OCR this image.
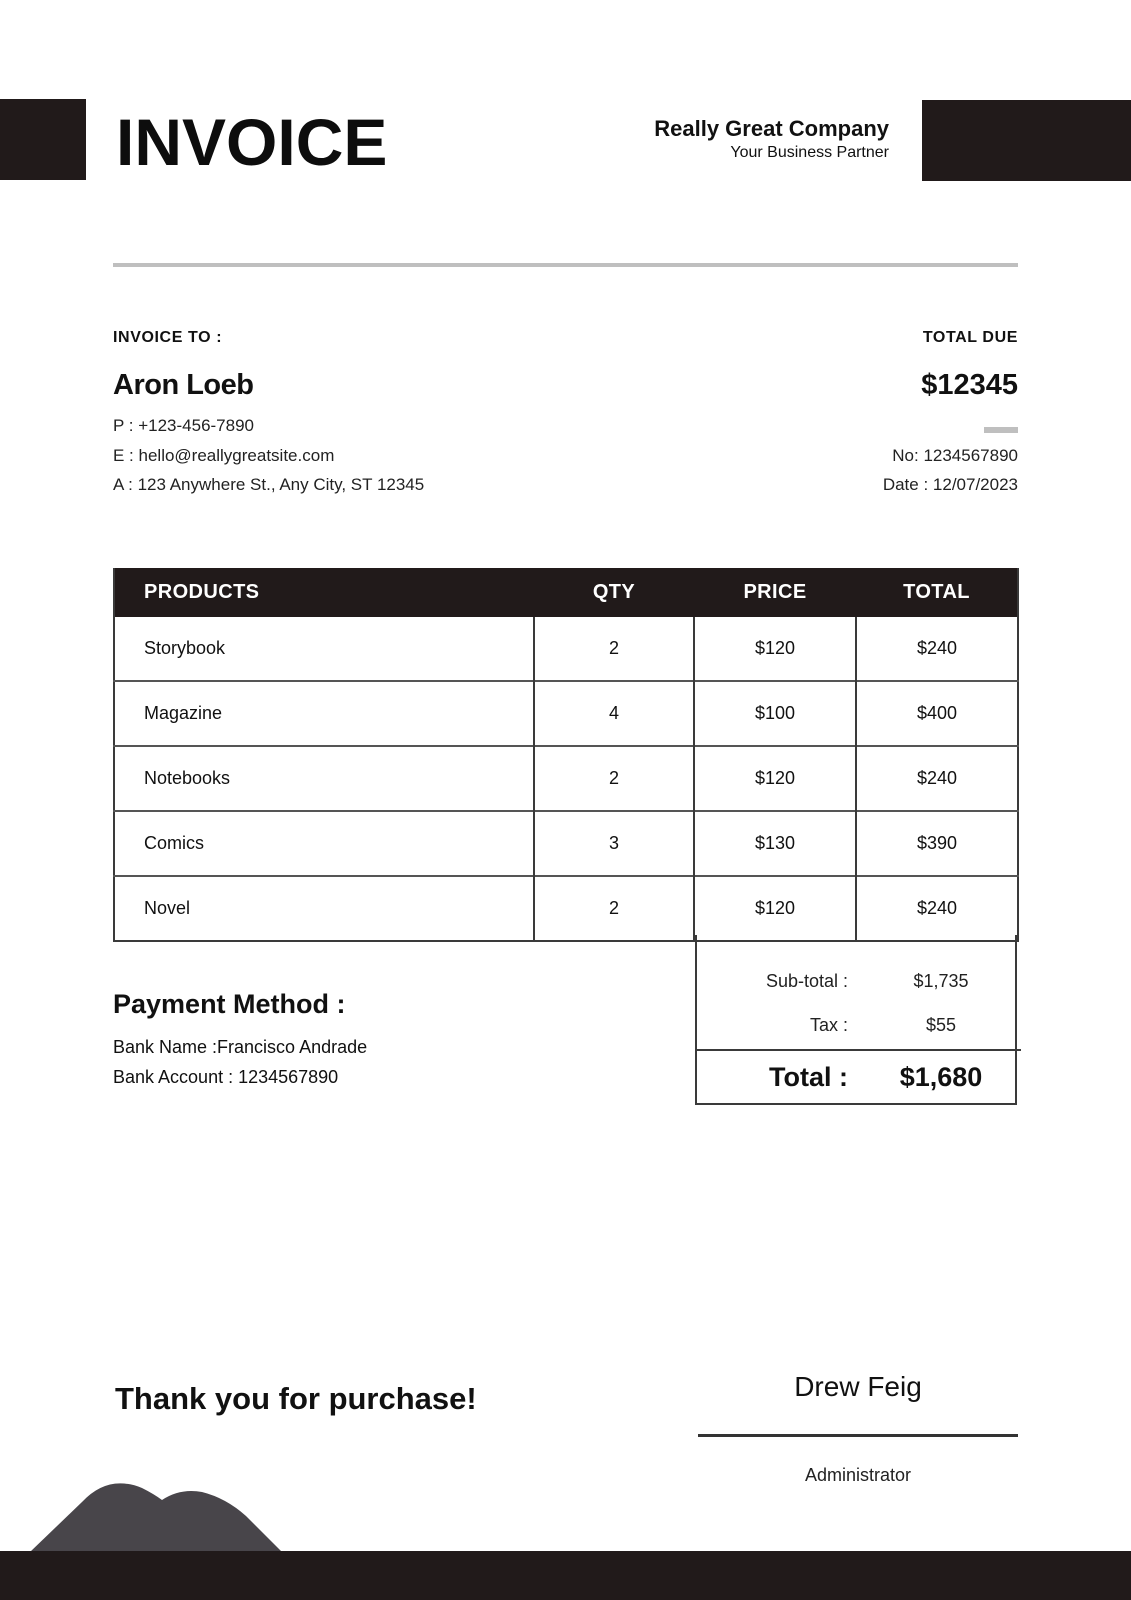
INVOICE	Really Great Company
Your Business Partner
INVOICE TO :	TOTAL DUE
Aron Loeb	$12345
P : +123-456-7890
E : hello@reallygreatsite.com
A : 123 Anywhere St., Any City, ST 12345
No: 1234567890
Date : 12/07/2023
PRODUCTS	QTY	PRICE	TOTAL
Storybook	2	$120	$240
Magazine	4	$100	$400
Notebooks	2	$120	$240
Comics	3	$130	$390
Novel	2	$120	$240
Sub-total :	$1,735
Tax :	$55
Total :	$1,680
Payment Method :
Bank Name :Francisco Andrade
Bank Account : 1234567890
Thank you for purchase!	Drew Feig
Administrator
